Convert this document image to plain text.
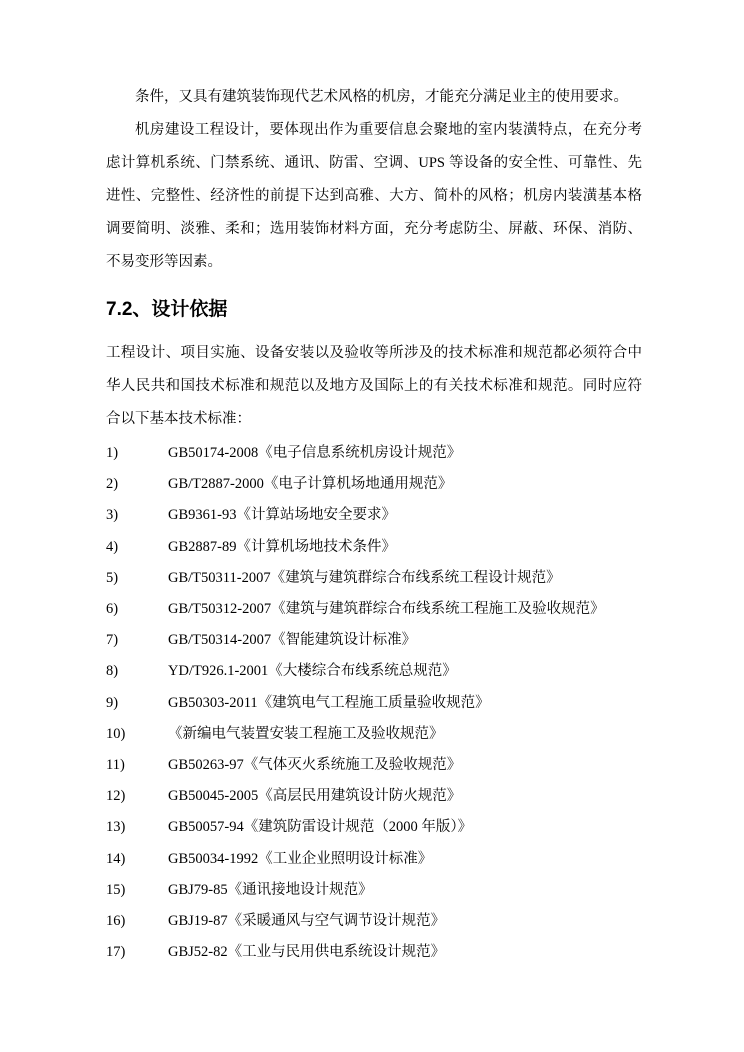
条件，又具有建筑装饰现代艺术风格的机房，才能充分满足业主的使用要求。

机房建设工程设计，要体现出作为重要信息会聚地的室内装潢特点，在充分考虑计算机系统、门禁系统、通讯、防雷、空调、UPS 等设备的安全性、可靠性、先进性、完整性、经济性的前提下达到高雅、大方、简朴的风格；机房内装潢基本格调要简明、淡雅、柔和；选用装饰材料方面，充分考虑防尘、屏蔽、环保、消防、不易变形等因素。

7.2、设计依据

工程设计、项目实施、设备安装以及验收等所涉及的技术标准和规范都必须符合中华人民共和国技术标准和规范以及地方及国际上的有关技术标准和规范。同时应符合以下基本技术标准：

1)	GB50174-2008《电子信息系统机房设计规范》
2)	GB/T2887-2000《电子计算机场地通用规范》
3)	GB9361-93《计算站场地安全要求》
4)	GB2887-89《计算机场地技术条件》
5)	GB/T50311-2007《建筑与建筑群综合布线系统工程设计规范》
6)	GB/T50312-2007《建筑与建筑群综合布线系统工程施工及验收规范》
7)	GB/T50314-2007《智能建筑设计标准》
8)	YD/T926.1-2001《大楼综合布线系统总规范》
9)	GB50303-2011《建筑电气工程施工质量验收规范》
10)	《新编电气装置安装工程施工及验收规范》
11)	GB50263-97《气体灭火系统施工及验收规范》
12)	GB50045-2005《高层民用建筑设计防火规范》
13)	GB50057-94《建筑防雷设计规范（2000 年版）》
14)	GB50034-1992《工业企业照明设计标准》
15)	GBJ79-85《通讯接地设计规范》
16)	GBJ19-87《采暖通风与空气调节设计规范》
17)	GBJ52-82《工业与民用供电系统设计规范》
